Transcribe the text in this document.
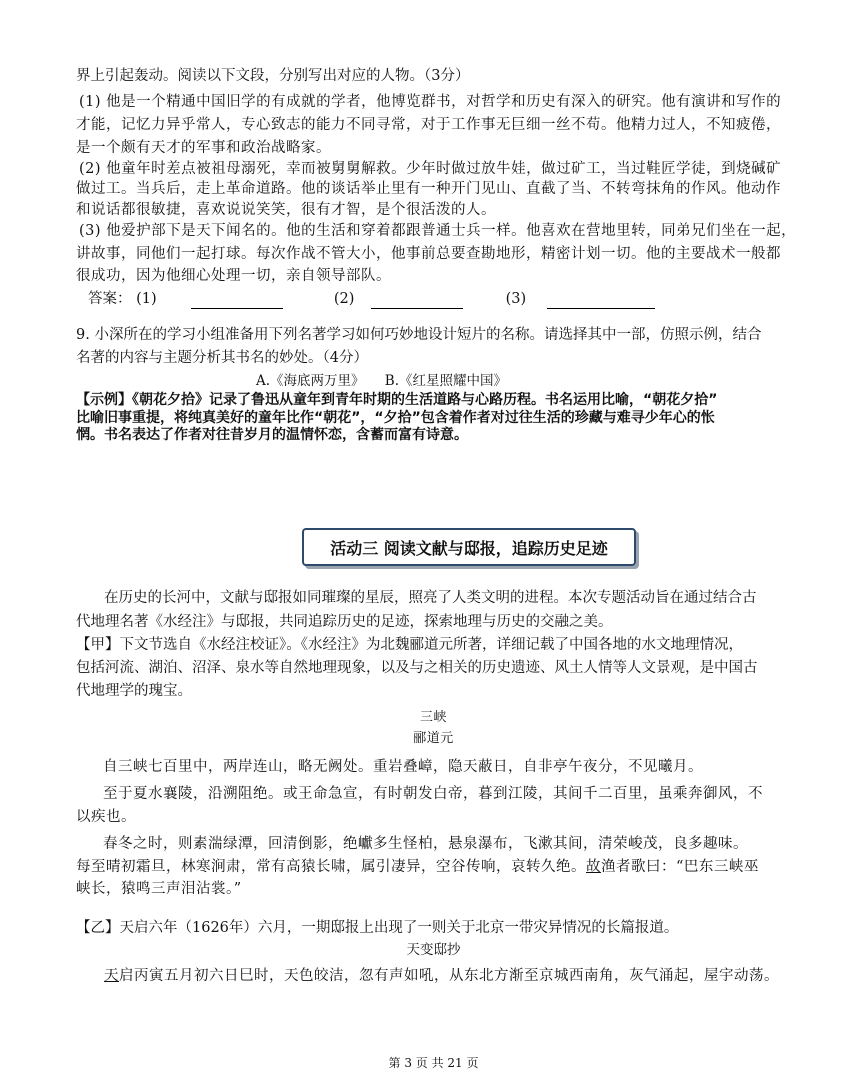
界上引起轰动。阅读以下文段，分别写出对应的人物。（3分）
(1) 他是一个精通中国旧学的有成就的学者，他博览群书，对哲学和历史有深入的研究。他有演讲和写作的
才能，记忆力异乎常人，专心致志的能力不同寻常，对于工作事无巨细一丝不苟。他精力过人，不知疲倦，
是一个颇有天才的军事和政治战略家。
(2) 他童年时差点被祖母溺死，幸而被舅舅解救。少年时做过放牛娃，做过矿工，当过鞋匠学徒，到烧碱矿
做过工。当兵后，走上革命道路。他的谈话举止里有一种开门见山、直截了当、不转弯抹角的作风。他动作
和说话都很敏捷，喜欢说说笑笑，很有才智，是个很活泼的人。
(3) 他爱护部下是天下闻名的。他的生活和穿着都跟普通士兵一样。他喜欢在营地里转，同弟兄们坐在一起，
讲故事，同他们一起打球。每次作战不管大小，他事前总要查勘地形，精密计划一切。他的主要战术一般都
很成功，因为他细心处理一切，亲自领导部队。
答案： (1)	(2)	(3)
9. 小深所在的学习小组准备用下列名著学习如何巧妙地设计短片的名称。请选择其中一部，仿照示例，结合
名著的内容与主题分析其书名的妙处。（4分）
A.《海底两万里》　　B.《红星照耀中国》
【示例】《朝花夕拾》记录了鲁迅从童年到青年时期的生活道路与心路历程。书名运用比喻，“朝花夕拾”
比喻旧事重提，将纯真美好的童年比作“朝花”，“夕拾”包含着作者对过往生活的珍藏与难寻少年心的怅
惘。书名表达了作者对往昔岁月的温情怀恋，含蓄而富有诗意。
活动三 阅读文献与邸报，追踪历史足迹
在历史的长河中，文献与邸报如同璀璨的星辰，照亮了人类文明的进程。本次专题活动旨在通过结合古
代地理名著《水经注》与邸报，共同追踪历史的足迹，探索地理与历史的交融之美。
【甲】下文节选自《水经注校证》。《水经注》为北魏郦道元所著，详细记载了中国各地的水文地理情况，
包括河流、湖泊、沼泽、泉水等自然地理现象，以及与之相关的历史遗迹、风土人情等人文景观，是中国古
代地理学的瑰宝。
三峡
郦道元
自三峡七百里中，两岸连山，略无阙处。重岩叠嶂，隐天蔽日，自非亭午夜分，不见曦月。
至于夏水襄陵，沿溯阻绝。或王命急宣，有时朝发白帝，暮到江陵，其间千二百里，虽乘奔御风，不
以疾也。
春冬之时，则素湍绿潭，回清倒影，绝巘多生怪柏，悬泉瀑布，飞漱其间，清荣峻茂，良多趣味。
每至晴初霜旦，林寒涧肃，常有高猿长啸，属引凄异，空谷传响，哀转久绝。故渔者歌曰：“巴东三峡巫
峡长，猿鸣三声泪沾裳。”
【乙】天启六年（1626年）六月，一期邸报上出现了一则关于北京一带灾异情况的长篇报道。
天变邸抄
天启丙寅五月初六日巳时，天色皎洁，忽有声如吼，从东北方渐至京城西南角，灰气涌起，屋宇动荡。
第 3 页 共 21 页
